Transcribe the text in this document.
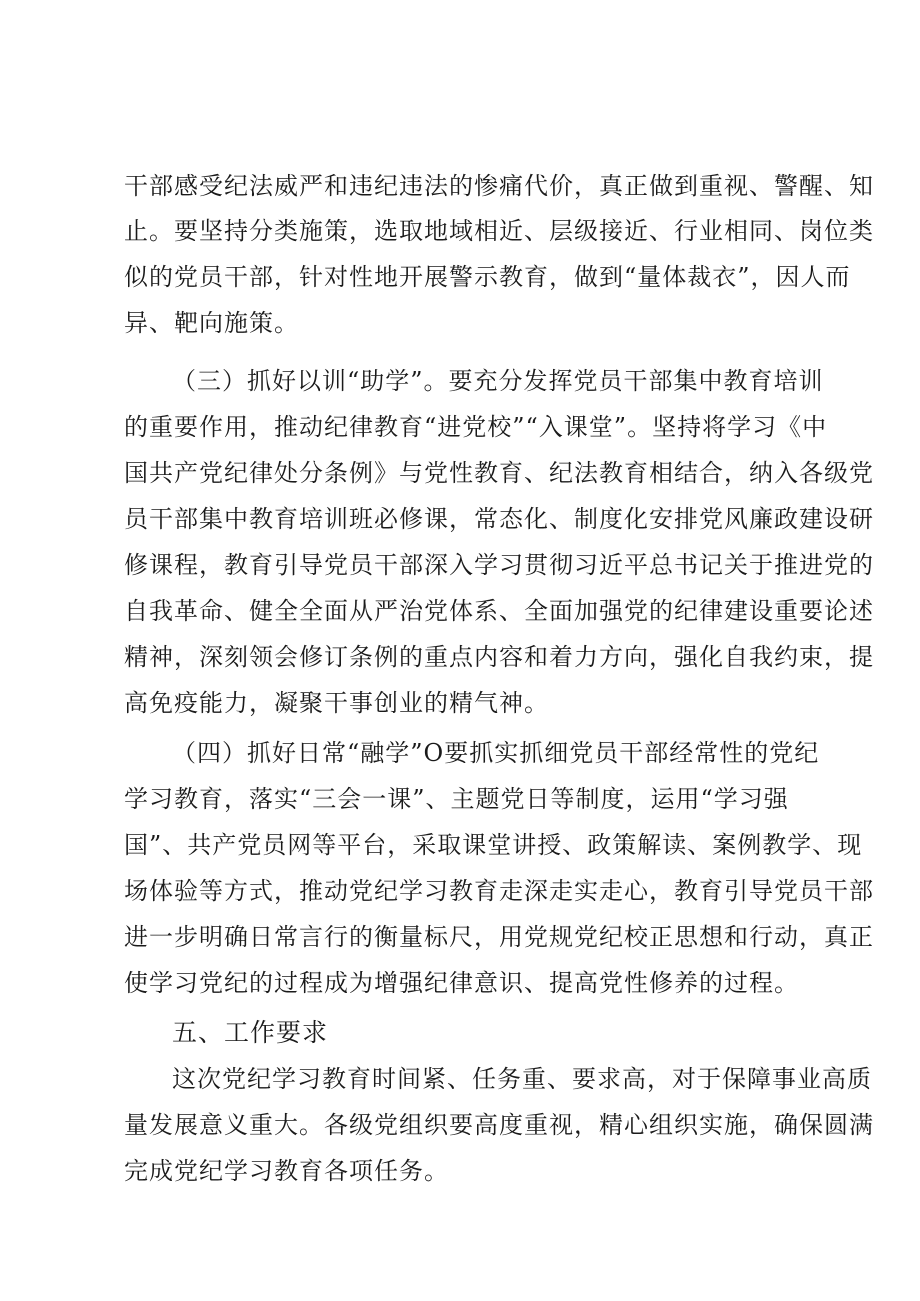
干部感受纪法威严和违纪违法的惨痛代价，真正做到重视、警醒、知
止。要坚持分类施策，选取地域相近、层级接近、行业相同、岗位类
似的党员干部，针对性地开展警示教育，做到“量体裁衣”，因人而
异、靶向施策。
（三）抓好以训“助学”。要充分发挥党员干部集中教育培训
的重要作用，推动纪律教育“进党校”“入课堂”。坚持将学习《中
国共产党纪律处分条例》与党性教育、纪法教育相结合，纳入各级党
员干部集中教育培训班必修课，常态化、制度化安排党风廉政建设研
修课程，教育引导党员干部深入学习贯彻习近平总书记关于推进党的
自我革命、健全全面从严治党体系、全面加强党的纪律建设重要论述
精神，深刻领会修订条例的重点内容和着力方向，强化自我约束，提
高免疫能力，凝聚干事创业的精气神。
（四）抓好日常“融学”O要抓实抓细党员干部经常性的党纪
学习教育，落实“三会一课”、主题党日等制度，运用“学习强
国”、共产党员网等平台，采取课堂讲授、政策解读、案例教学、现
场体验等方式，推动党纪学习教育走深走实走心，教育引导党员干部
进一步明确日常言行的衡量标尺，用党规党纪校正思想和行动，真正
使学习党纪的过程成为增强纪律意识、提高党性修养的过程。
五、工作要求
这次党纪学习教育时间紧、任务重、要求高，对于保障事业高质
量发展意义重大。各级党组织要高度重视，精心组织实施，确保圆满
完成党纪学习教育各项任务。
